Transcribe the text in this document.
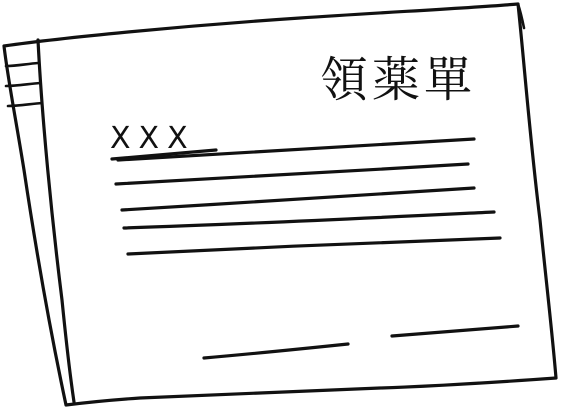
領薬單
XXX
